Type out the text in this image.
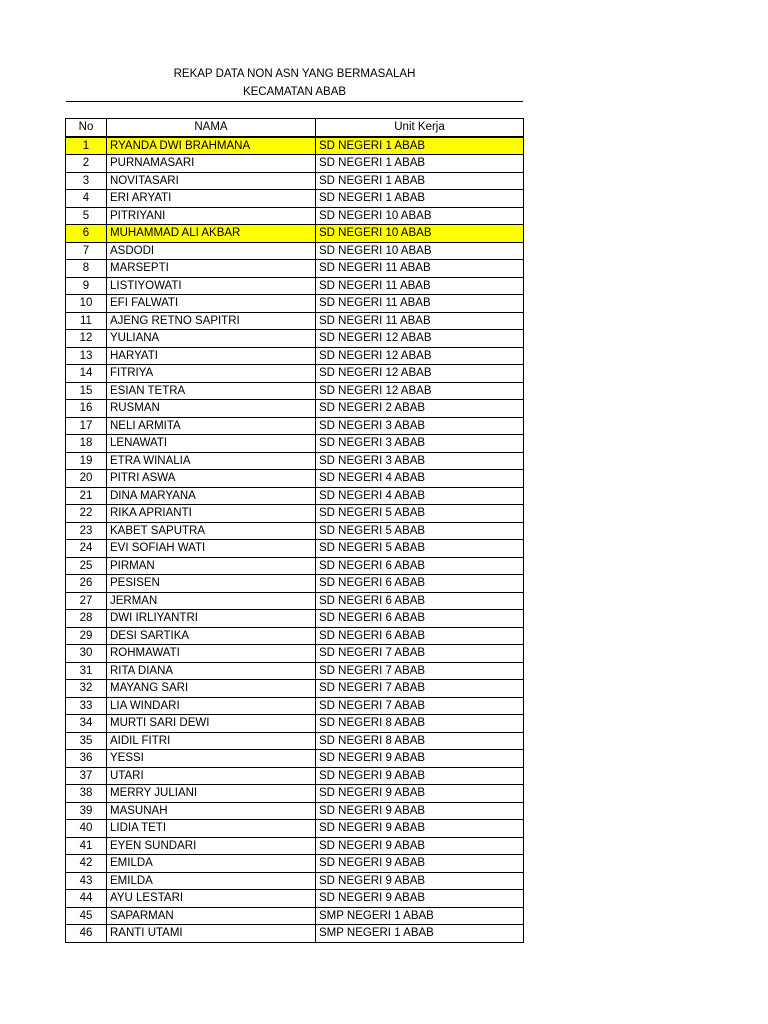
REKAP DATA NON ASN YANG BERMASALAH
KECAMATAN ABAB
No	NAMA	Unit Kerja
1	RYANDA DWI BRAHMANA	SD NEGERI 1 ABAB
2	PURNAMASARI	SD NEGERI 1 ABAB
3	NOVITASARI	SD NEGERI 1 ABAB
4	ERI ARYATI	SD NEGERI 1 ABAB
5	PITRIYANI	SD NEGERI 10 ABAB
6	MUHAMMAD ALI AKBAR	SD NEGERI 10 ABAB
7	ASDODI	SD NEGERI 10 ABAB
8	MARSEPTI	SD NEGERI 11 ABAB
9	LISTIYOWATI	SD NEGERI 11 ABAB
10	EFI FALWATI	SD NEGERI 11 ABAB
11	AJENG RETNO SAPITRI	SD NEGERI 11 ABAB
12	YULIANA	SD NEGERI 12 ABAB
13	HARYATI	SD NEGERI 12 ABAB
14	FITRIYA	SD NEGERI 12 ABAB
15	ESIAN TETRA	SD NEGERI 12 ABAB
16	RUSMAN	SD NEGERI 2 ABAB
17	NELI ARMITA	SD NEGERI 3 ABAB
18	LENAWATI	SD NEGERI 3 ABAB
19	ETRA WINALIA	SD NEGERI 3 ABAB
20	PITRI ASWA	SD NEGERI 4 ABAB
21	DINA MARYANA	SD NEGERI 4 ABAB
22	RIKA APRIANTI	SD NEGERI 5 ABAB
23	KABET SAPUTRA	SD NEGERI 5 ABAB
24	EVI SOFIAH WATI	SD NEGERI 5 ABAB
25	PIRMAN	SD NEGERI 6 ABAB
26	PESISEN	SD NEGERI 6 ABAB
27	JERMAN	SD NEGERI 6 ABAB
28	DWI IRLIYANTRI	SD NEGERI 6 ABAB
29	DESI SARTIKA	SD NEGERI 6 ABAB
30	ROHMAWATI	SD NEGERI 7 ABAB
31	RITA DIANA	SD NEGERI 7 ABAB
32	MAYANG SARI	SD NEGERI 7 ABAB
33	LIA WINDARI	SD NEGERI 7 ABAB
34	MURTI SARI DEWI	SD NEGERI 8 ABAB
35	AIDIL FITRI	SD NEGERI 8 ABAB
36	YESSI	SD NEGERI 9 ABAB
37	UTARI	SD NEGERI 9 ABAB
38	MERRY JULIANI	SD NEGERI 9 ABAB
39	MASUNAH	SD NEGERI 9 ABAB
40	LIDIA TETI	SD NEGERI 9 ABAB
41	EYEN SUNDARI	SD NEGERI 9 ABAB
42	EMILDA	SD NEGERI 9 ABAB
43	EMILDA	SD NEGERI 9 ABAB
44	AYU LESTARI	SD NEGERI 9 ABAB
45	SAPARMAN	SMP NEGERI 1 ABAB
46	RANTI UTAMI	SMP NEGERI 1 ABAB
